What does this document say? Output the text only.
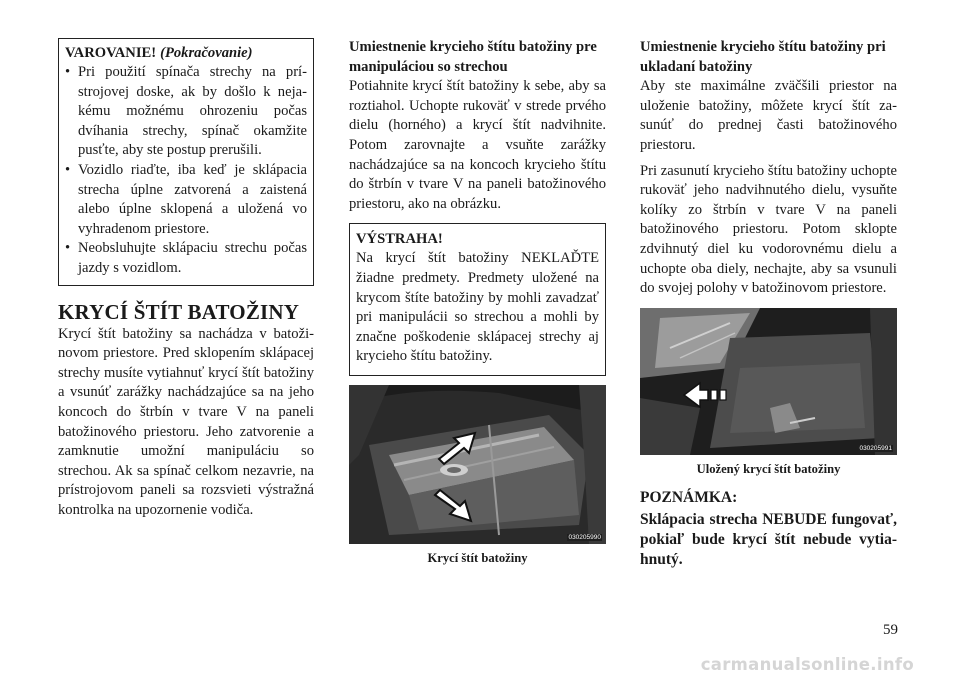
VAROVANIE! (Pokračovanie)
• Pri použití spínača strechy na prístrojovej doske, ak by došlo k nejakému možnému ohrozeniu počas dvíhania strechy, spínač okamžite pusťte, aby ste postup prerušili.
• Vozidlo riaďte, iba keď je sklápacia strecha úplne zatvorená a zaistená alebo úplne sklopená a uložená vo vyhradenom priestore.
• Neobsluhujte sklápaciu strechu počas jazdy s vozidlom.
KRYCÍ ŠTÍT BATOŽINY

Krycí štít batožiny sa nachádza v batožinovom priestore. Pred sklopením sklápacej strechy musíte vytiahnuť krycí štít batožiny a vsunúť zarážky nachádzajúce sa na jeho koncoch do štrbín v tvare V na paneli batožinového priestoru. Jeho zatvorenie a zamknutie umožní manipuláciu so strechou. Ak sa spínač celkom nezavrie, na prístrojovom paneli sa rozsvieti výstražná kontrolka na upozornenie vodiča.

Umiestnenie krycieho štítu batožiny pre manipuláciou so strechou

Potiahnite krycí štít batožiny k sebe, aby sa roztiahol. Uchopte rukoväť v strede prvého dielu (horného) a krycí štít nadvihnite. Potom zarovnajte a vsuňte zarážky nachádzajúce sa na koncoch krycieho štítu do štrbín v tvare V na paneli batožinového priestoru, ako na obrázku.

VÝSTRAHA!

Na krycí štít batožiny NEKLAĎTE žiadne predmety. Predmety uložené na krycom štíte batožiny by mohli zavadzať pri manipulácii so strechou a mohli by značne poškodenie sklápacej strechy aj krycieho štítu batožiny.

030205990
Krycí štít batožiny
Umiestnenie krycieho štítu batožiny pri ukladaní batožiny

Aby ste maximálne zväčšili priestor na uloženie batožiny, môžete krycí štít zasunúť do prednej časti batožinového priestoru.

Pri zasunutí krycieho štítu batožiny uchopte rukoväť jeho nadvihnutého dielu, vysuňte kolíky zo štrbín v tvare V na paneli batožinového priestoru. Potom sklopte zdvihnutý diel ku vodorovnému dielu a uchopte oba diely, nechajte, aby sa vsunuli do svojej polohy v batožinovom priestore.

030205991
Uložený krycí štít batožiny
POZNÁMKA:
Sklápacia strecha NEBUDE fungovať, pokiaľ bude krycí štít nebude vytiahnutý.
59
carmanualsonline.info
